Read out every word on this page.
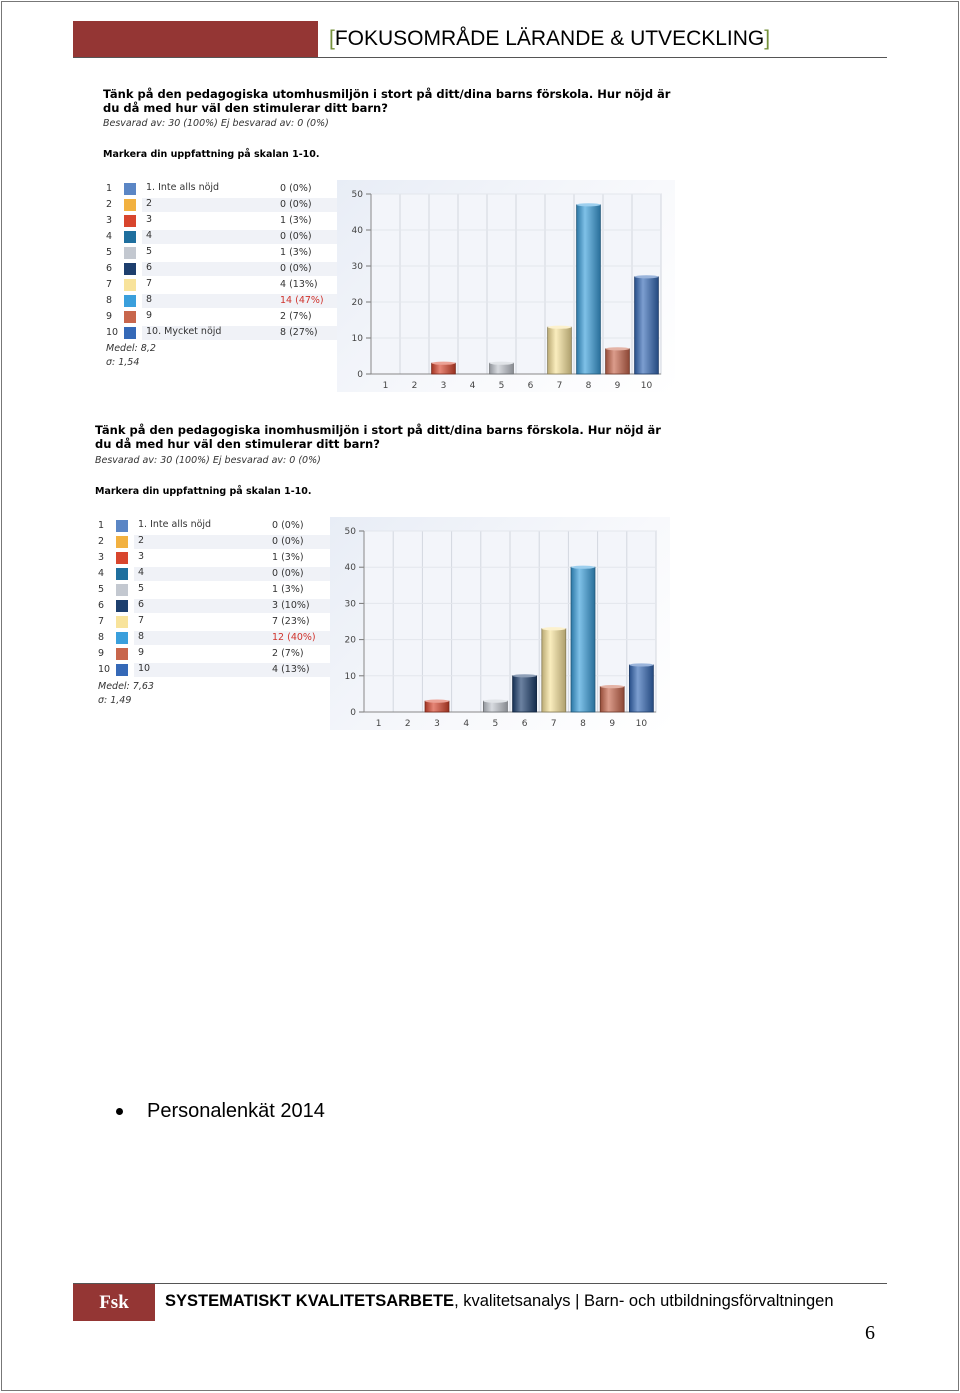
[FOKUSOMRÅDE LÄRANDE & UTVECKLING]
Tänk på den pedagogiska utomhusmiljön i stort på ditt/dina barns förskola. Hur nöjd är
du då med hur väl den stimulerar ditt barn?
Besvarad av: 30 (100%) Ej besvarad av: 0 (0%)
Markera din uppfattning på skalan 1-10.
1	1. Inte alls nöjd	0 (0%)
2	2	0 (0%)
3	3	1 (3%)
4	4	0 (0%)
5	5	1 (3%)
6	6	0 (0%)
7	7	4 (13%)
8	8	14 (47%)
9	9	2 (7%)
10	10. Mycket nöjd	8 (27%)
Medel: 8,2
σ: 1,54
0
10
20
30
40
50
1	2	3	4	5	6	7	8	9 10
Tänk på den pedagogiska inomhusmiljön i stort på ditt/dina barns förskola. Hur nöjd är
du då med hur väl den stimulerar ditt barn?
Besvarad av: 30 (100%) Ej besvarad av: 0 (0%)
Markera din uppfattning på skalan 1-10.
1	1. Inte alls nöjd	0 (0%)
2	2	0 (0%)
3	3	1 (3%)
4	4	0 (0%)
5	5	1 (3%)
6	6	3 (10%)
7	7	7 (23%)
8	8	12 (40%)
9	9	2 (7%)
10	10	4 (13%)
Medel: 7,63
σ: 1,49
0
10
20
30
40
50
1	2	3	4	5	6	7	8	9 10
Personalenkät 2014
Fsk	SYSTEMATISKT KVALITETSARBETE, kvalitetsanalys | Barn- och utbildningsförvaltningen
6
